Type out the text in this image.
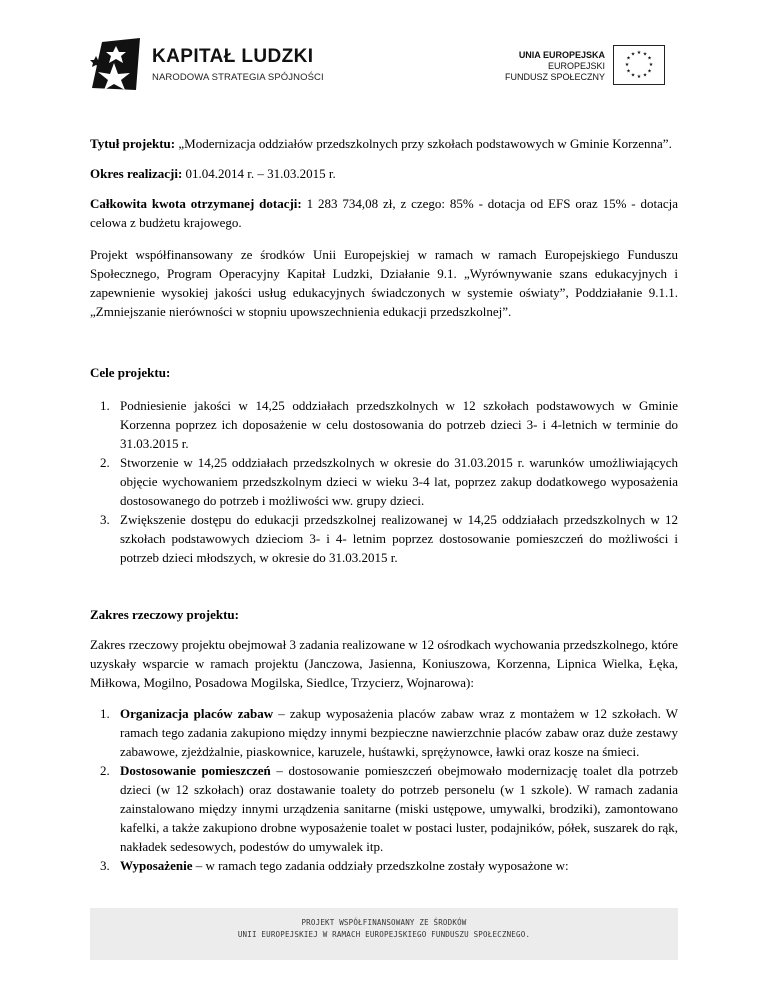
KAPITAŁ LUDZKI
NARODOWA STRATEGIA SPÓJNOŚCI
UNIA EUROPEJSKA
EUROPEJSKI
FUNDUSZ SPOŁECZNY
★ ★
★
★
★
★
★
★
★
★
★
★

Tytuł projektu: „Modernizacja oddziałów przedszkolnych przy szkołach podstawowych w Gminie Korzenna”.

Okres realizacji: 01.04.2014 r. – 31.03.2015 r.

Całkowita kwota otrzymanej dotacji: 1 283 734,08 zł, z czego: 85% - dotacja od EFS oraz 15% - dotacja celowa z budżetu krajowego.

Projekt współfinansowany ze środków Unii Europejskiej w ramach w ramach Europejskiego Funduszu Społecznego, Program Operacyjny Kapitał Ludzki, Działanie 9.1. „Wyrównywanie szans edukacyjnych i zapewnienie wysokiej jakości usług edukacyjnych świadczonych w systemie oświaty”, Poddziałanie 9.1.1. „Zmniejszanie nierówności w stopniu upowszechnienia edukacji przedszkolnej”.

Cele projektu:

1. Podniesienie jakości w 14,25 oddziałach przedszkolnych w 12 szkołach podstawowych w Gminie Korzenna poprzez ich doposażenie w celu dostosowania do potrzeb dzieci 3- i 4-letnich w terminie do 31.03.2015 r.
2. Stworzenie w 14,25 oddziałach przedszkolnych w okresie do 31.03.2015 r. warunków umożliwiających objęcie wychowaniem przedszkolnym dzieci w wieku 3-4 lat, poprzez zakup dodatkowego wyposażenia dostosowanego do potrzeb i możliwości ww. grupy dzieci.
3. Zwiększenie dostępu do edukacji przedszkolnej realizowanej w 14,25 oddziałach przedszkolnych w 12 szkołach podstawowych dzieciom 3- i 4- letnim poprzez dostosowanie pomieszczeń do możliwości i potrzeb dzieci młodszych, w okresie do 31.03.2015 r.

Zakres rzeczowy projektu:

Zakres rzeczowy projektu obejmował 3 zadania realizowane w 12 ośrodkach wychowania przedszkolnego, które uzyskały wsparcie w ramach projektu (Janczowa, Jasienna, Koniuszowa, Korzenna, Lipnica Wielka, Łęka, Miłkowa, Mogilno, Posadowa Mogilska, Siedlce, Trzycierz, Wojnarowa):

1. Organizacja placów zabaw – zakup wyposażenia placów zabaw wraz z montażem w 12 szkołach. W ramach tego zadania zakupiono między innymi bezpieczne nawierzchnie placów zabaw oraz duże zestawy zabawowe, zjeżdżalnie, piaskownice, karuzele, huśtawki, sprężynowce, ławki oraz kosze na śmieci.
2. Dostosowanie pomieszczeń – dostosowanie pomieszczeń obejmowało modernizację toalet dla potrzeb dzieci (w 12 szkołach) oraz dostawanie toalety do potrzeb personelu (w 1 szkole). W ramach zadania zainstalowano między innymi urządzenia sanitarne (miski ustępowe, umywalki, brodziki), zamontowano kafelki, a także zakupiono drobne wyposażenie toalet w postaci luster, podajników, półek, suszarek do rąk, nakładek sedesowych, podestów do umywalek itp.
3. Wyposażenie – w ramach tego zadania oddziały przedszkolne zostały wyposażone w:
PROJEKT WSPÓŁFINANSOWANY ZE ŚRODKÓW
UNII EUROPEJSKIEJ W RAMACH EUROPEJSKIEGO FUNDUSZU SPOŁECZNEGO.
